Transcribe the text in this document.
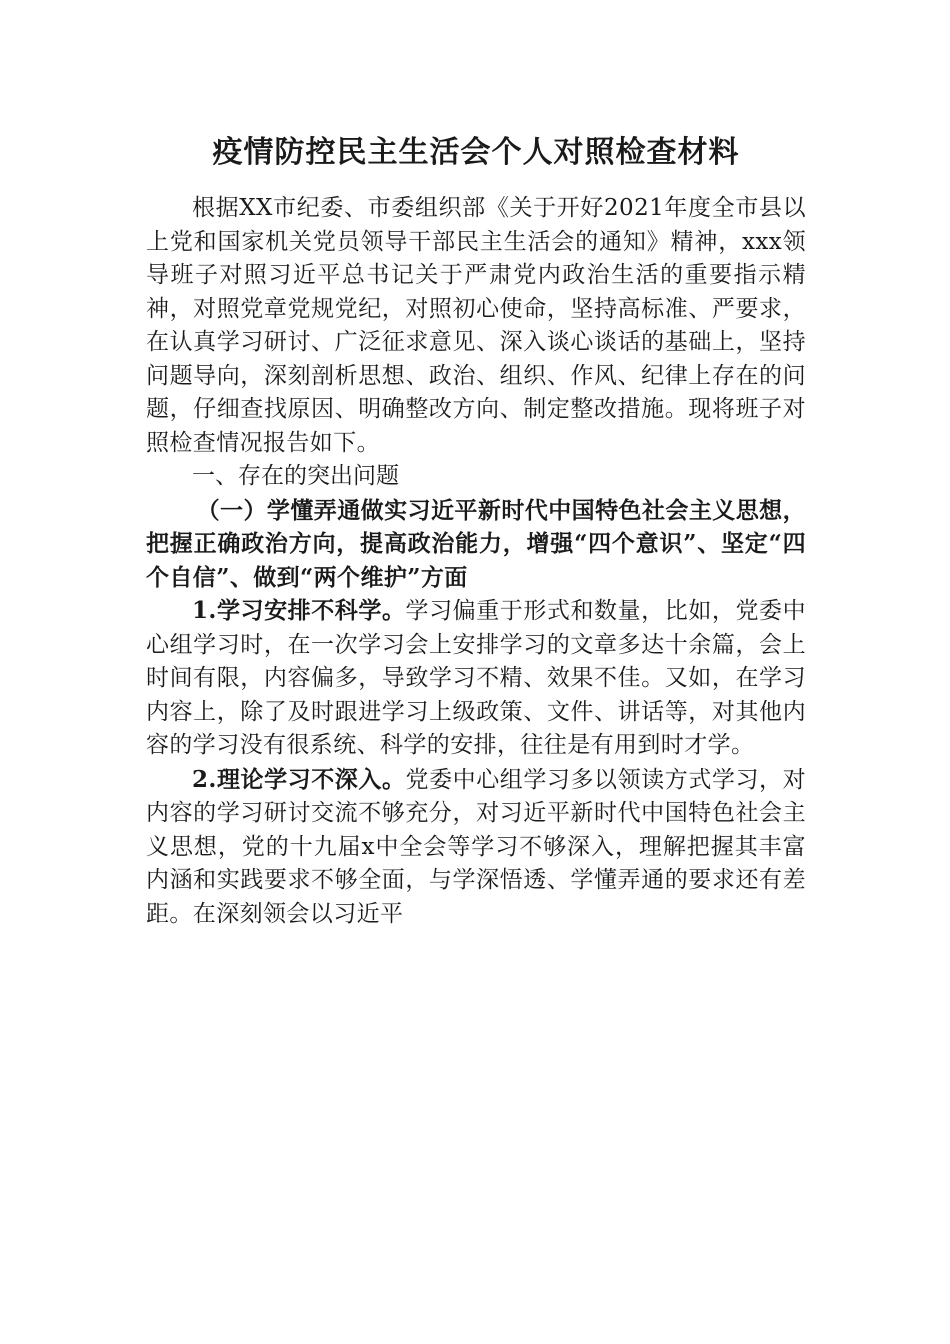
疫情防控民主生活会个人对照检查材料

根据XX市纪委、市委组织部《关于开好2021年度全市县以上党和国家机关党员领导干部民主生活会的通知》精神，xxx领导班子对照习近平总书记关于严肃党内政治生活的重要指示精神，对照党章党规党纪，对照初心使命，坚持高标准、严要求，在认真学习研讨、广泛征求意见、深入谈心谈话的基础上，坚持问题导向，深刻剖析思想、政治、组织、作风、纪律上存在的问题，仔细查找原因、明确整改方向、制定整改措施。现将班子对照检查情况报告如下。

一、存在的突出问题

（一）学懂弄通做实习近平新时代中国特色社会主义思想，把握正确政治方向，提高政治能力，增强“四个意识”、坚定“四个自信”、做到“两个维护”方面

1.学习安排不科学。学习偏重于形式和数量，比如，党委中心组学习时，在一次学习会上安排学习的文章多达十余篇，会上时间有限，内容偏多，导致学习不精、效果不佳。又如，在学习内容上，除了及时跟进学习上级政策、文件、讲话等，对其他内容的学习没有很系统、科学的安排，往往是有用到时才学。

2.理论学习不深入。党委中心组学习多以领读方式学习，对内容的学习研讨交流不够充分，对习近平新时代中国特色社会主义思想，党的十九届x中全会等学习不够深入，理解把握其丰富内涵和实践要求不够全面，与学深悟透、学懂弄通的要求还有差距。在深刻领会以习近平
